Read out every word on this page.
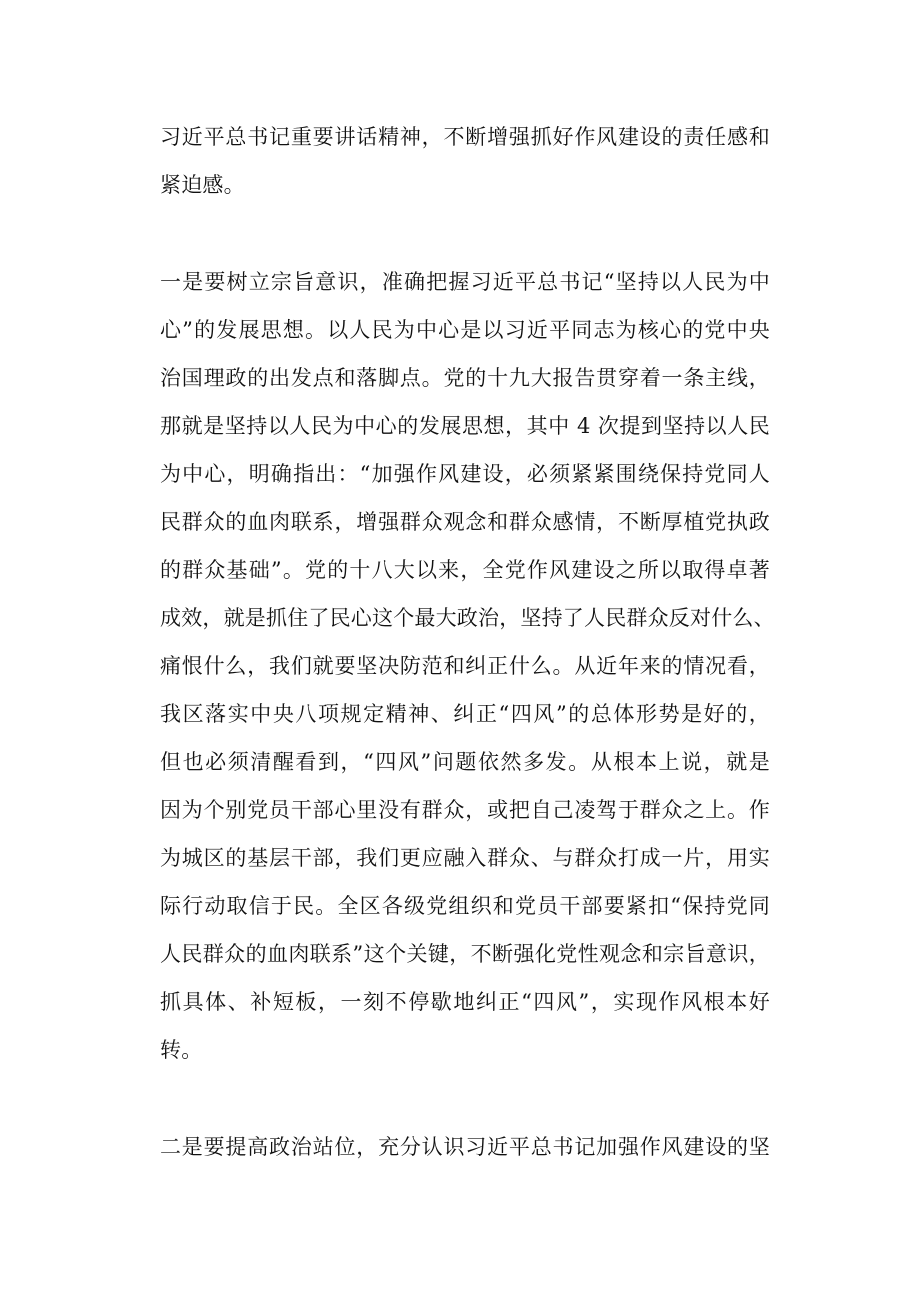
习近平总书记重要讲话精神，不断增强抓好作风建设的责任感和
紧迫感。
一是要树立宗旨意识，准确把握习近平总书记“坚持以人民为中
心”的发展思想。以人民为中心是以习近平同志为核心的党中央
治国理政的出发点和落脚点。党的十九大报告贯穿着一条主线，
那就是坚持以人民为中心的发展思想，其中 4 次提到坚持以人民
为中心，明确指出：“加强作风建设，必须紧紧围绕保持党同人
民群众的血肉联系，增强群众观念和群众感情，不断厚植党执政
的群众基础”。党的十八大以来，全党作风建设之所以取得卓著
成效，就是抓住了民心这个最大政治，坚持了人民群众反对什么、
痛恨什么，我们就要坚决防范和纠正什么。从近年来的情况看，
我区落实中央八项规定精神、纠正“四风”的总体形势是好的，
但也必须清醒看到，“四风”问题依然多发。从根本上说，就是
因为个别党员干部心里没有群众，或把自己凌驾于群众之上。作
为城区的基层干部，我们更应融入群众、与群众打成一片，用实
际行动取信于民。全区各级党组织和党员干部要紧扣“保持党同
人民群众的血肉联系”这个关键，不断强化党性观念和宗旨意识，
抓具体、补短板，一刻不停歇地纠正“四风”，实现作风根本好
转。
二是要提高政治站位，充分认识习近平总书记加强作风建设的坚
